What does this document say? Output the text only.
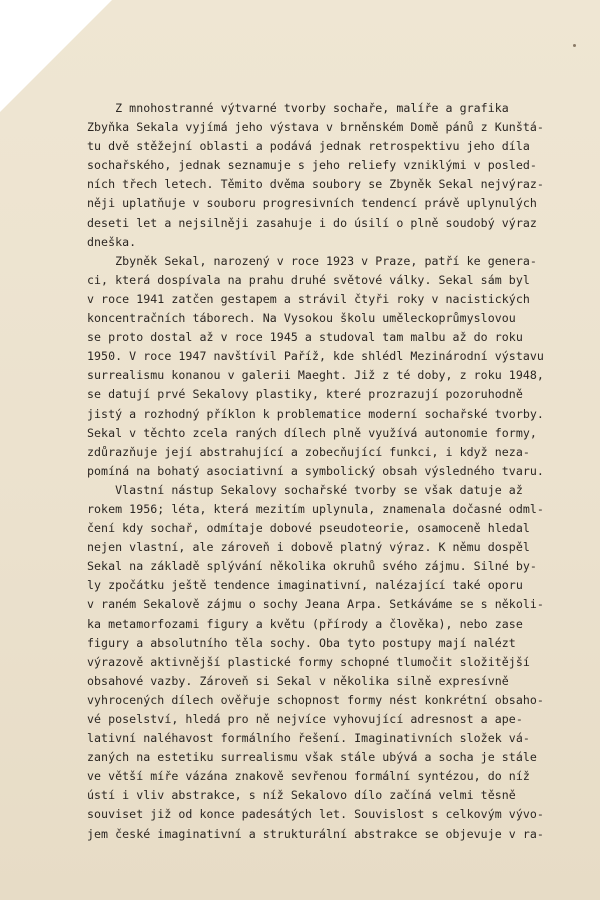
Z mnohostranné výtvarné tvorby sochaře, malíře a grafika
Zbyňka Sekala vyjímá jeho výstava v brněnském Domě pánů z Kunštá-
tu dvě stěžejní oblasti a podává jednak retrospektivu jeho díla
sochařského, jednak seznamuje s jeho reliefy vzniklými v posled-
ních třech letech. Těmito dvěma soubory se Zbyněk Sekal nejvýraz-
něji uplatňuje v souboru progresivních tendencí právě uplynulých
deseti let a nejsilněji zasahuje i do úsilí o plně soudobý výraz
dneška.
Zbyněk Sekal, narozený v roce 1923 v Praze, patří ke genera-
ci, která dospívala na prahu druhé světové války. Sekal sám byl
v roce 1941 zatčen gestapem a strávil čtyři roky v nacistických
koncentračních táborech. Na Vysokou školu uměleckoprůmyslovou
se proto dostal až v roce 1945 a studoval tam malbu až do roku
1950. V roce 1947 navštívil Paříž, kde shlédl Mezinárodní výstavu
surrealismu konanou v galerii Maeght. Již z té doby, z roku 1948,
se datují prvé Sekalovy plastiky, které prozrazují pozoruhodně
jistý a rozhodný příklon k problematice moderní sochařské tvorby.
Sekal v těchto zcela raných dílech plně využívá autonomie formy,
zdůrazňuje její abstrahující a zobecňující funkci, i když neza-
pomíná na bohatý asociativní a symbolický obsah výsledného tvaru.
Vlastní nástup Sekalovy sochařské tvorby se však datuje až
rokem 1956; léta, která mezitím uplynula, znamenala dočasné odml-
čení kdy sochař, odmítaje dobové pseudoteorie, osamoceně hledal
nejen vlastní, ale zároveň i dobově platný výraz. K němu dospěl
Sekal na základě splývání několika okruhů svého zájmu. Silné by-
ly zpočátku ještě tendence imaginativní, nalézající také oporu
v raném Sekalově zájmu o sochy Jeana Arpa. Setkáváme se s několi-
ka metamorfozami figury a květu (přírody a člověka), nebo zase
figury a absolutního těla sochy. Oba tyto postupy mají nalézt
výrazově aktivnější plastické formy schopné tlumočit složitější
obsahové vazby. Zároveň si Sekal v několika silně expresívně
vyhrocených dílech ověřuje schopnost formy nést konkrétní obsaho-
vé poselství, hledá pro ně nejvíce vyhovující adresnost a ape-
lativní naléhavost formálního řešení. Imaginativních složek vá-
zaných na estetiku surrealismu však stále ubývá a socha je stále
ve větší míře vázána znakově sevřenou formální syntézou, do níž
ústí i vliv abstrakce, s níž Sekalovo dílo začíná velmi těsně
souviset již od konce padesátých let. Souvislost s celkovým vývo-
jem české imaginativní a strukturální abstrakce se objevuje v ra-
